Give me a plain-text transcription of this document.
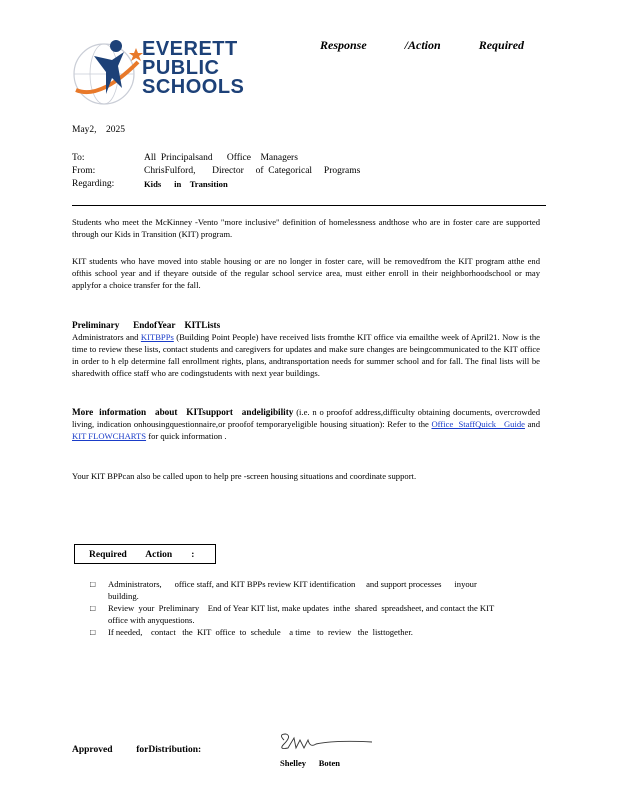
EVERETT
PUBLIC
SCHOOLS
Response	/Action	Required
May2,    2025
To:	All  Principalsand      Office    Managers
From:	ChrisFulford,       Director     of  Categorical     Programs
Regarding:	Kids      in    Transition
Students who meet the McKinney -Vento "more inclusive" definition of homelessness andthose who are in foster care are supported through our Kids in Transition (KIT) program.
KIT students who have moved into stable housing or are no longer in foster care, will be removedfrom the KIT program atthe end ofthis school year and if theyare outside of the regular school service area, must either enroll in their neighborhoodschool or may applyfor a choice transfer for the fall.
Preliminary      EndofYear    KITLists
Administrators and KITBPPs (Building Point People) have received lists fromthe KIT office via emailthe week of April21. Now is the time to review these lists, contact students and caregivers for updates and make sure changes are beingcommunicated to the KIT office in order to h elp determine fall enrollment rights, plans, andtransportation needs for summer school and for fall. The final lists will be sharedwith office staff who are codingstudents with next year buildings.
More  information   about   KITsupport   andeligibility (i.e. n o proofof address,difficulty obtaining documents, overcrowded living, indication onhousingquestionnaire,or proofof temporaryeligible housing situation): Refer to the Office  StaffQuick   Guide and KIT FLOWCHARTS for quick information .
Your KIT BPPcan also be called upon to help pre -screen housing situations and coordinate support.
Required        Action        :
□	Administrators,      office staff, and KIT BPPs review KIT identification     and support processes      inyour  building.
□	Review  your  Preliminary    End of Year KIT list, make updates  inthe  shared  spreadsheet, and contact the KIT office with anyquestions.
□	If needed,    contact   the  KIT  office  to  schedule    a time   to  review   the  listtogether.
Approved          forDistribution:
Shelley      Boten
